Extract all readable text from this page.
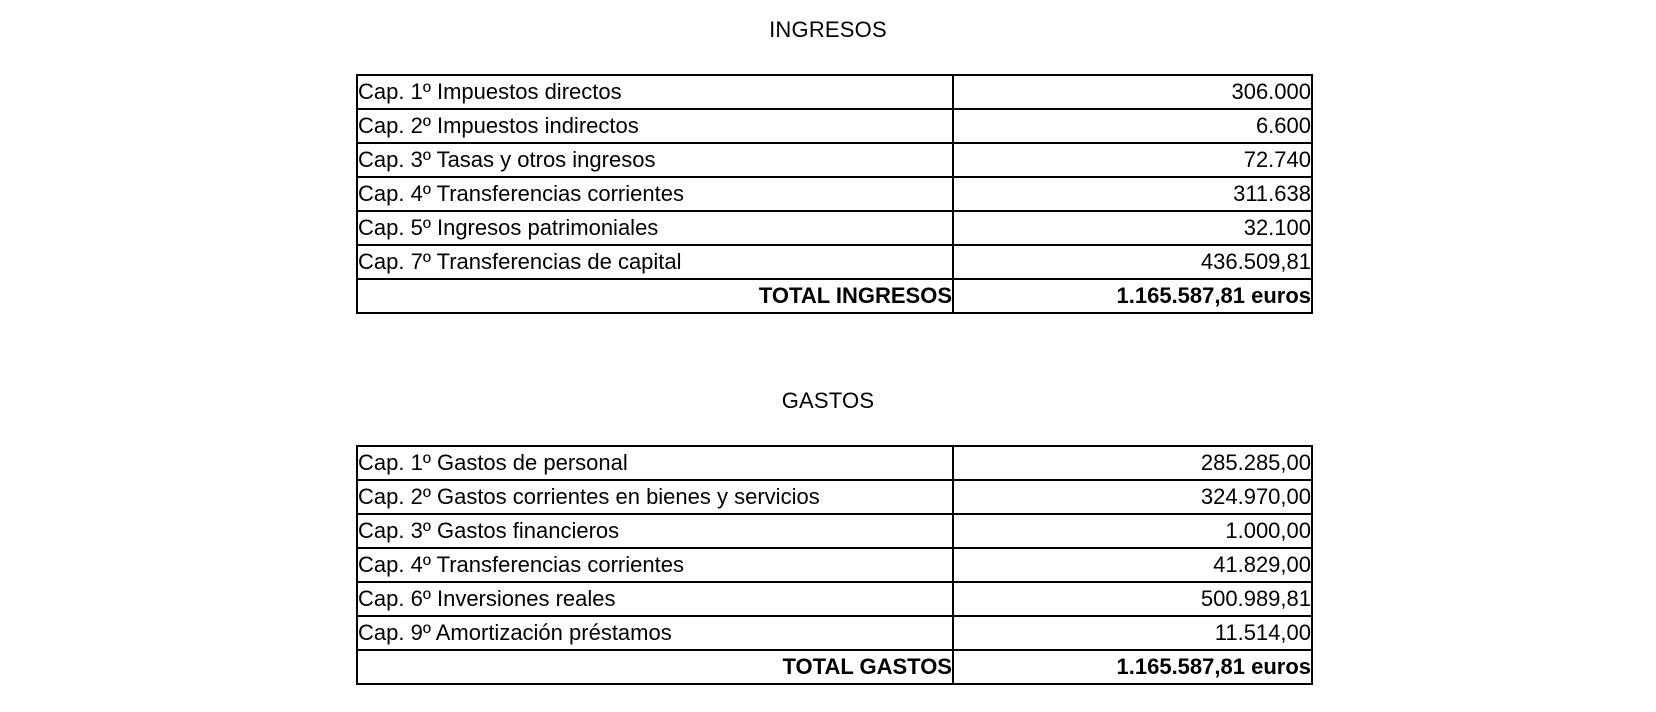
INGRESOS
Cap. 1º Impuestos directos	306.000
Cap. 2º Impuestos indirectos	6.600
Cap. 3º Tasas y otros ingresos	72.740
Cap. 4º Transferencias corrientes	311.638
Cap. 5º Ingresos patrimoniales	32.100
Cap. 7º Transferencias de capital	436.509,81
TOTAL INGRESOS	1.165.587,81 euros
GASTOS
Cap. 1º Gastos de personal	285.285,00
Cap. 2º Gastos corrientes en bienes y servicios	324.970,00
Cap. 3º Gastos financieros	1.000,00
Cap. 4º Transferencias corrientes	41.829,00
Cap. 6º Inversiones reales	500.989,81
Cap. 9º Amortización préstamos	11.514,00
TOTAL GASTOS	1.165.587,81 euros
